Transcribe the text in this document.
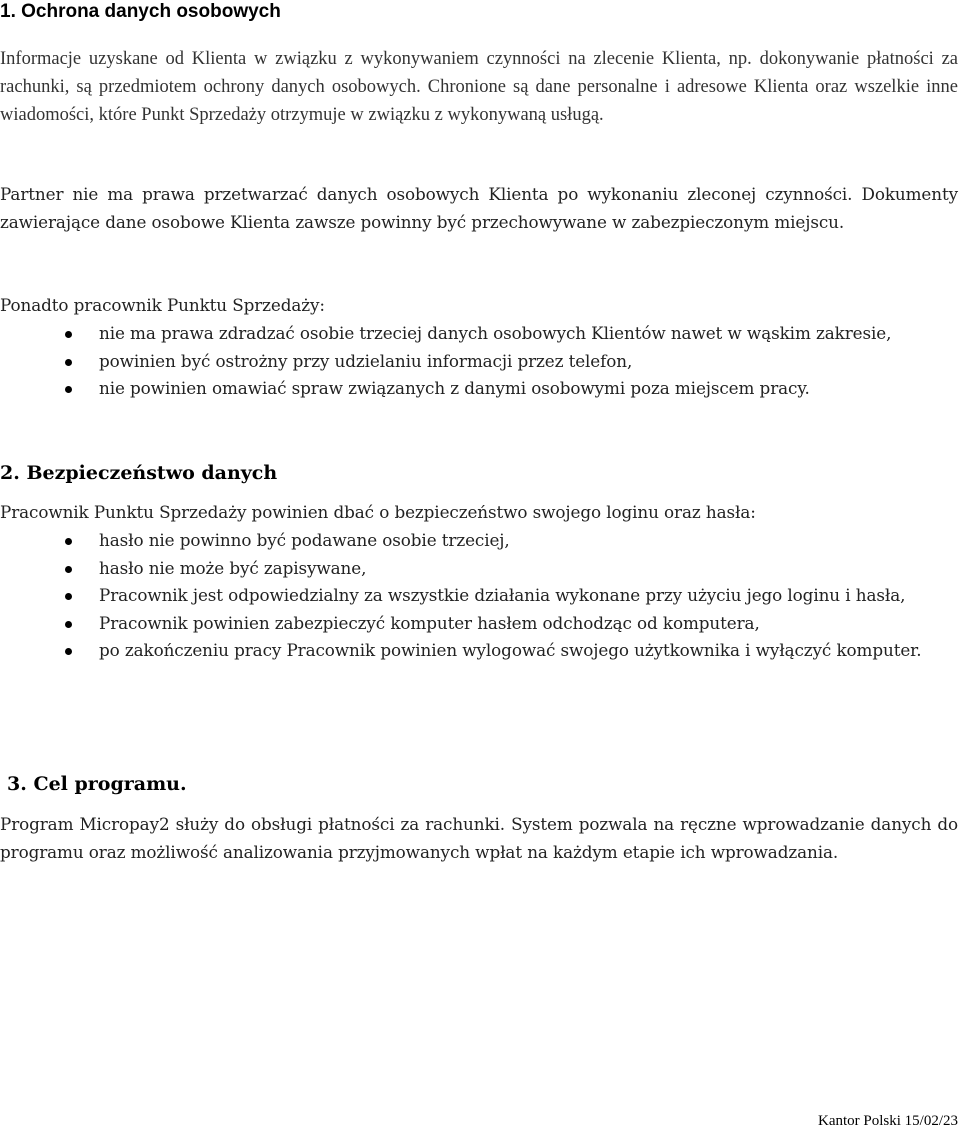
1. Ochrona danych osobowych

Informacje uzyskane od Klienta w związku z wykonywaniem czynności na zlecenie Klienta, np. dokonywanie płatności za rachunki, są przedmiotem ochrony danych osobowych. Chronione są dane personalne i adresowe Klienta oraz wszelkie inne wiadomości, które Punkt Sprzedaży otrzymuje w związku z wykonywaną usługą.

Partner nie ma prawa przetwarzać danych osobowych Klienta po wykonaniu zleconej czynności. Dokumenty zawierające dane osobowe Klienta zawsze powinny być przechowywane w zabezpieczonym miejscu.

Ponadto pracownik Punktu Sprzedaży:

nie ma prawa zdradzać osobie trzeciej danych osobowych Klientów nawet w wąskim zakresie,
powinien być ostrożny przy udzielaniu informacji przez telefon,
nie powinien omawiać spraw związanych z danymi osobowymi poza miejscem pracy.
2. Bezpieczeństwo danych

Pracownik Punktu Sprzedaży powinien dbać o bezpieczeństwo swojego loginu oraz hasła:

hasło nie powinno być podawane osobie trzeciej,
hasło nie może być zapisywane,
Pracownik jest odpowiedzialny za wszystkie działania wykonane przy użyciu jego loginu i hasła,
Pracownik powinien zabezpieczyć komputer hasłem odchodząc od komputera,
po zakończeniu pracy Pracownik powinien wylogować swojego użytkownika i wyłączyć komputer.
3. Cel programu.

Program Micropay2 służy do obsługi płatności za rachunki. System pozwala na ręczne wprowadzanie danych do programu oraz możliwość analizowania przyjmowanych wpłat na każdym etapie ich wprowadzania.

Kantor Polski 15/02/23
